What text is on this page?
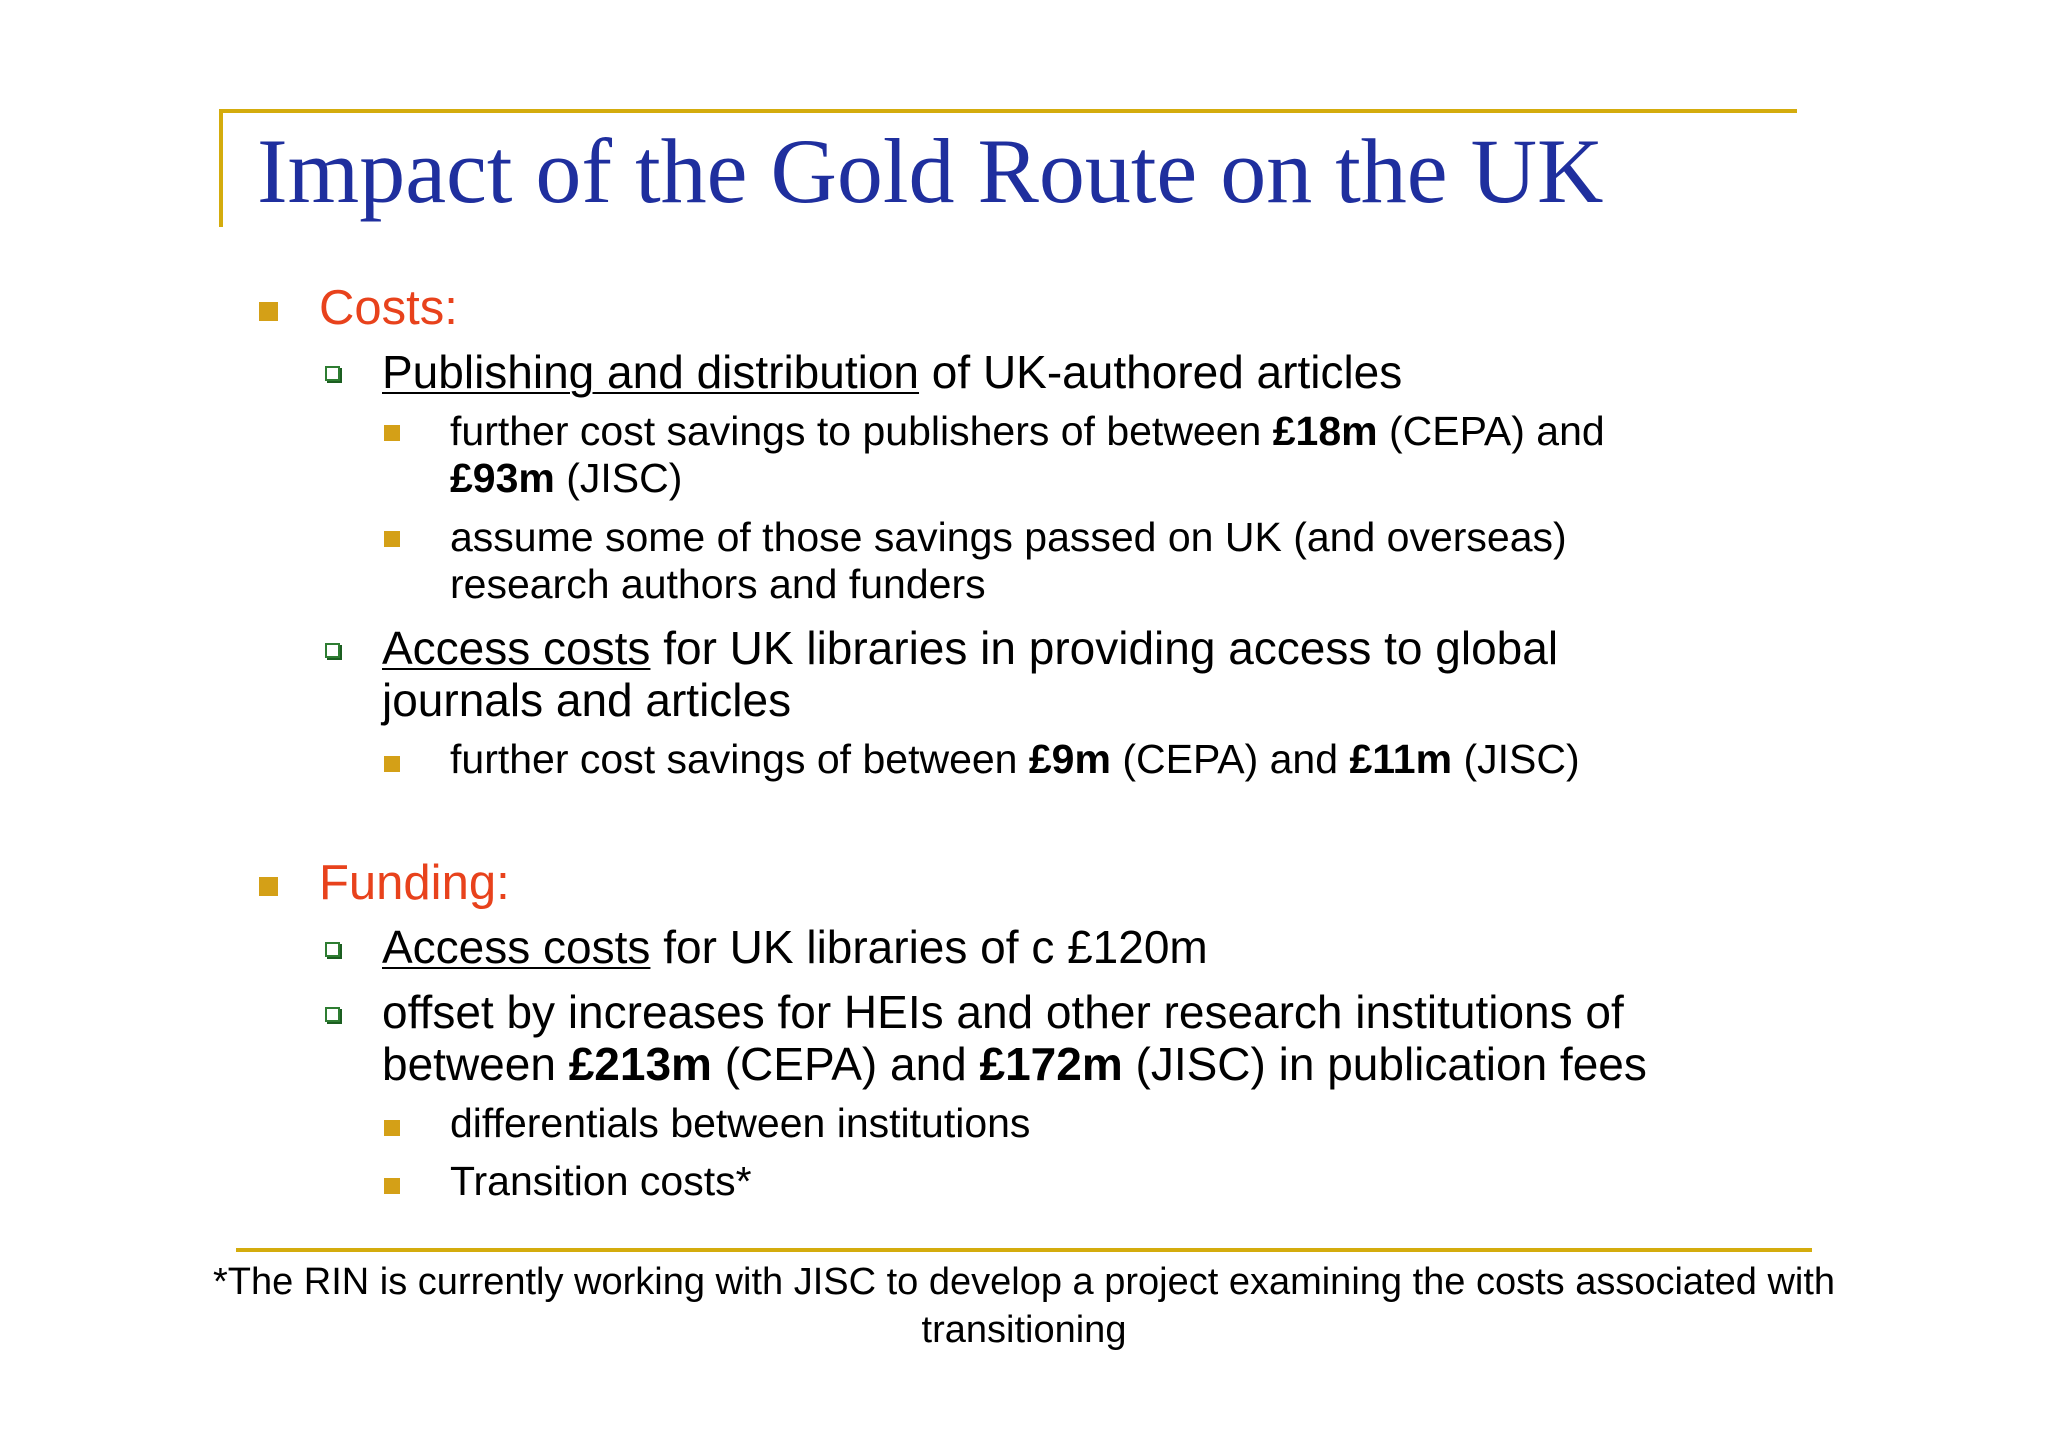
Impact of the Gold Route on the UK
Costs:
Publishing and distribution of UK-authored articles
further cost savings to publishers of between £18m (CEPA) and
£93m (JISC)
assume some of those savings passed on UK (and overseas)
research authors and funders
Access costs for UK libraries in providing access to global
journals and articles
further cost savings of between £9m (CEPA) and £11m (JISC)
Funding:
Access costs for UK libraries of c £120m
offset by increases for HEIs and other research institutions of
between £213m (CEPA) and £172m (JISC) in publication fees
differentials between institutions
Transition costs*
*The RIN is currently working with JISC to develop a project examining the costs associated with
transitioning
